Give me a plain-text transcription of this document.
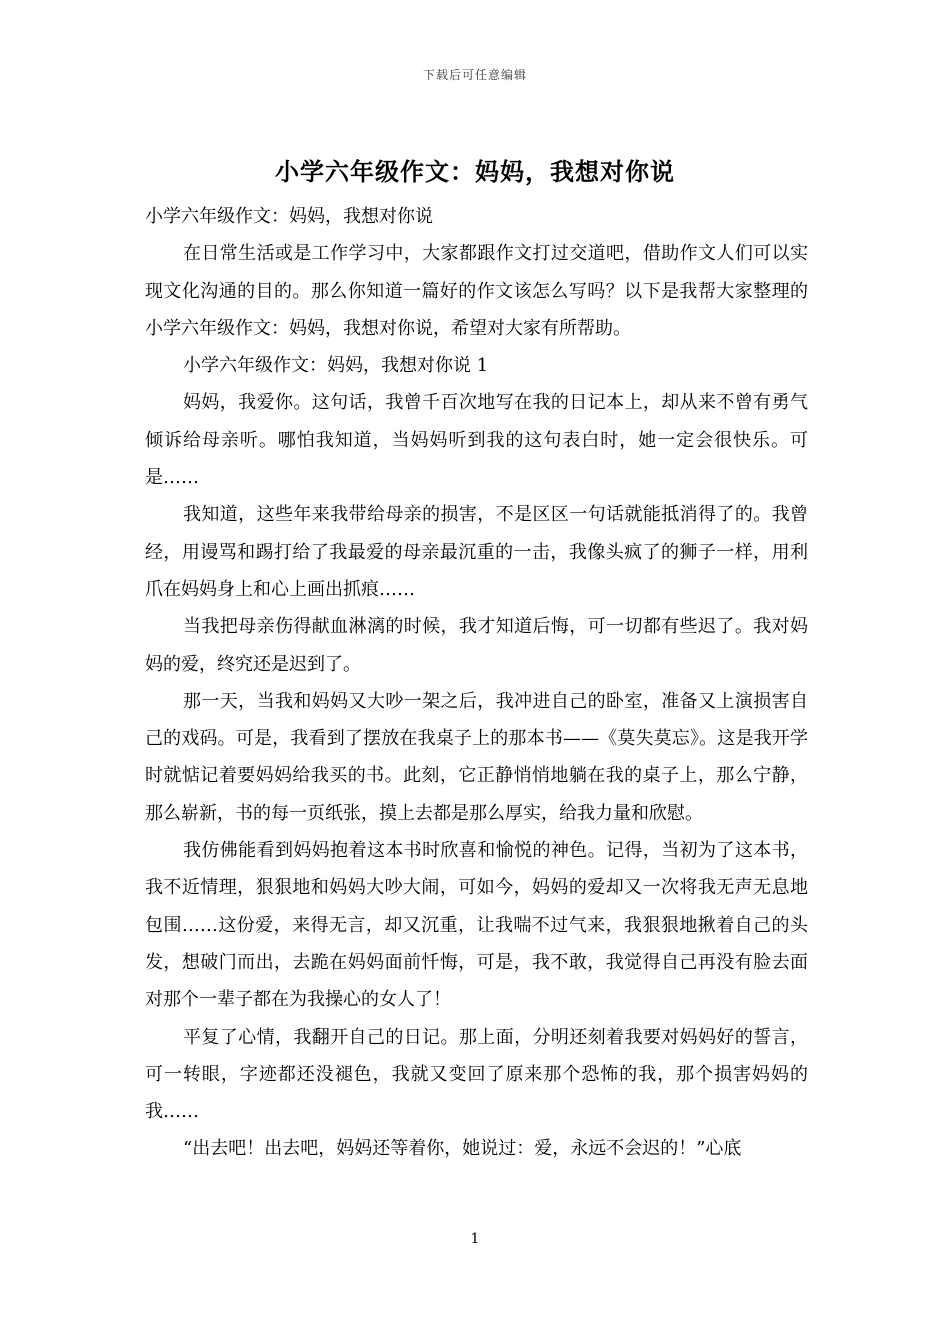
下载后可任意编辑
小学六年级作文：妈妈，我想对你说

小学六年级作文：妈妈，我想对你说

在日常生活或是工作学习中，大家都跟作文打过交道吧，借助作文人们可以实现文化沟通的目的。那么你知道一篇好的作文该怎么写吗？以下是我帮大家整理的小学六年级作文：妈妈，我想对你说，希望对大家有所帮助。

小学六年级作文：妈妈，我想对你说 1

妈妈，我爱你。这句话，我曾千百次地写在我的日记本上，却从来不曾有勇气倾诉给母亲听。哪怕我知道，当妈妈听到我的这句表白时，她一定会很快乐。可是……

我知道，这些年来我带给母亲的损害，不是区区一句话就能抵消得了的。我曾经，用谩骂和踢打给了我最爱的母亲最沉重的一击，我像头疯了的狮子一样，用利爪在妈妈身上和心上画出抓痕……

当我把母亲伤得献血淋漓的时候，我才知道后悔，可一切都有些迟了。我对妈妈的爱，终究还是迟到了。

那一天，当我和妈妈又大吵一架之后，我冲进自己的卧室，准备又上演损害自己的戏码。可是，我看到了摆放在我桌子上的那本书——《莫失莫忘》。这是我开学时就惦记着要妈妈给我买的书。此刻，它正静悄悄地躺在我的桌子上，那么宁静，那么崭新，书的每一页纸张，摸上去都是那么厚实，给我力量和欣慰。

我仿佛能看到妈妈抱着这本书时欣喜和愉悦的神色。记得，当初为了这本书，我不近情理，狠狠地和妈妈大吵大闹，可如今，妈妈的爱却又一次将我无声无息地包围……这份爱，来得无言，却又沉重，让我喘不过气来，我狠狠地揪着自己的头发，想破门而出，去跪在妈妈面前忏悔，可是，我不敢，我觉得自己再没有脸去面对那个一辈子都在为我操心的女人了！

平复了心情，我翻开自己的日记。那上面，分明还刻着我要对妈妈好的誓言，可一转眼，字迹都还没褪色，我就又变回了原来那个恐怖的我，那个损害妈妈的我……

“出去吧！出去吧，妈妈还等着你，她说过：爱，永远不会迟的！”心底

1
